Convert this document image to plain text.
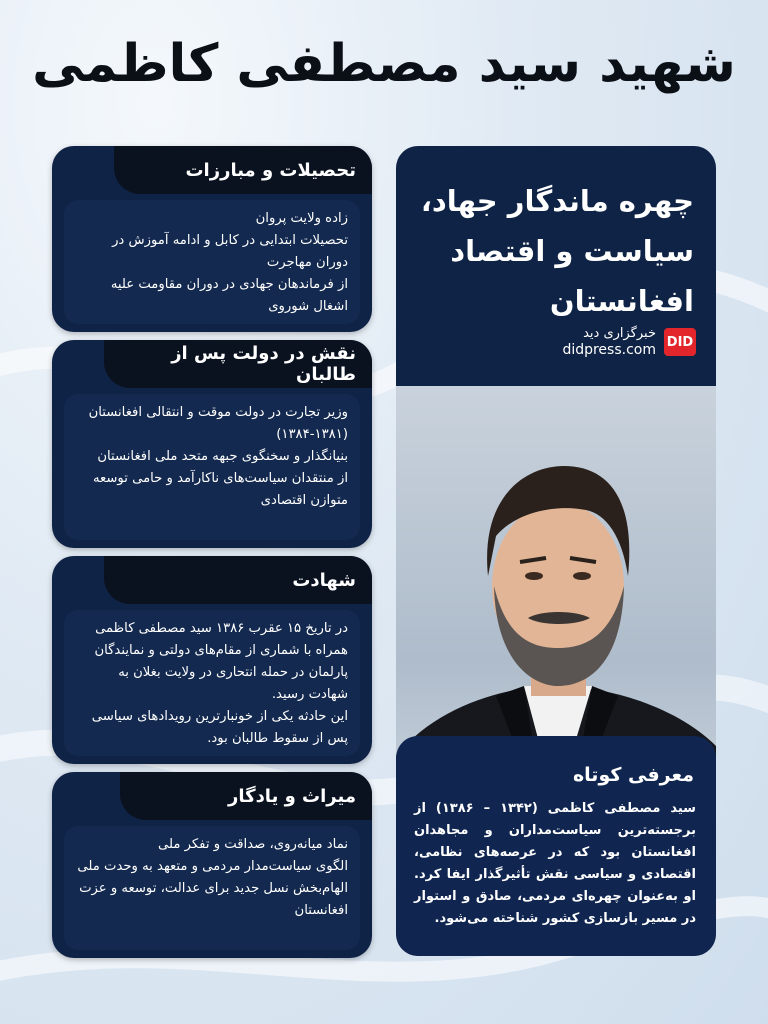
شهید سید مصطفی کاظمی
تحصیلات و مبارزات

زاده ولایت پروان

تحصیلات ابتدایی در کابل و ادامه آموزش در دوران مهاجرت

از فرماندهان جهادی در دوران مقاومت علیه اشغال شوروی

نقش در دولت پس از طالبان

وزیر تجارت در دولت موقت و انتقالی افغانستان (۱۳۸۱-۱۳۸۴)

بنیانگذار و سخنگوی جبهه متحد ملی افغانستان

از منتقدان سیاست‌های ناکارآمد و حامی توسعه متوازن اقتصادی

شهادت

در تاریخ ۱۵ عقرب ۱۳۸۶ سید مصطفی کاظمی همراه با شماری از مقام‌های دولتی و نمایندگان پارلمان در حمله انتحاری در ولایت بغلان به شهادت رسید.

این حادثه یکی از خونبارترین رویدادهای سیاسی پس از سقوط طالبان بود.

میراث و یادگار

نماد میانه‌روی، صداقت و تفکر ملی

الگوی سیاست‌مدار مردمی و متعهد به وحدت ملی

الهام‌بخش نسل جدید برای عدالت، توسعه و عزت افغانستان

چهره ماندگار جهاد، سیاست و اقتصاد افغانستان
خبرگزاری دید
didpress.com DID
معرفی کوتاه
سید مصطفی کاظمی (۱۳۴۲ – ۱۳۸۶) از برجسته‌ترین سیاست‌مداران و مجاهدان افغانستان بود که در عرصه‌های نظامی، اقتصادی و سیاسی نقش تأثیرگذار ایفا کرد. او به‌عنوان چهره‌ای مردمی، صادق و استوار در مسیر بازسازی کشور شناخته می‌شود.
